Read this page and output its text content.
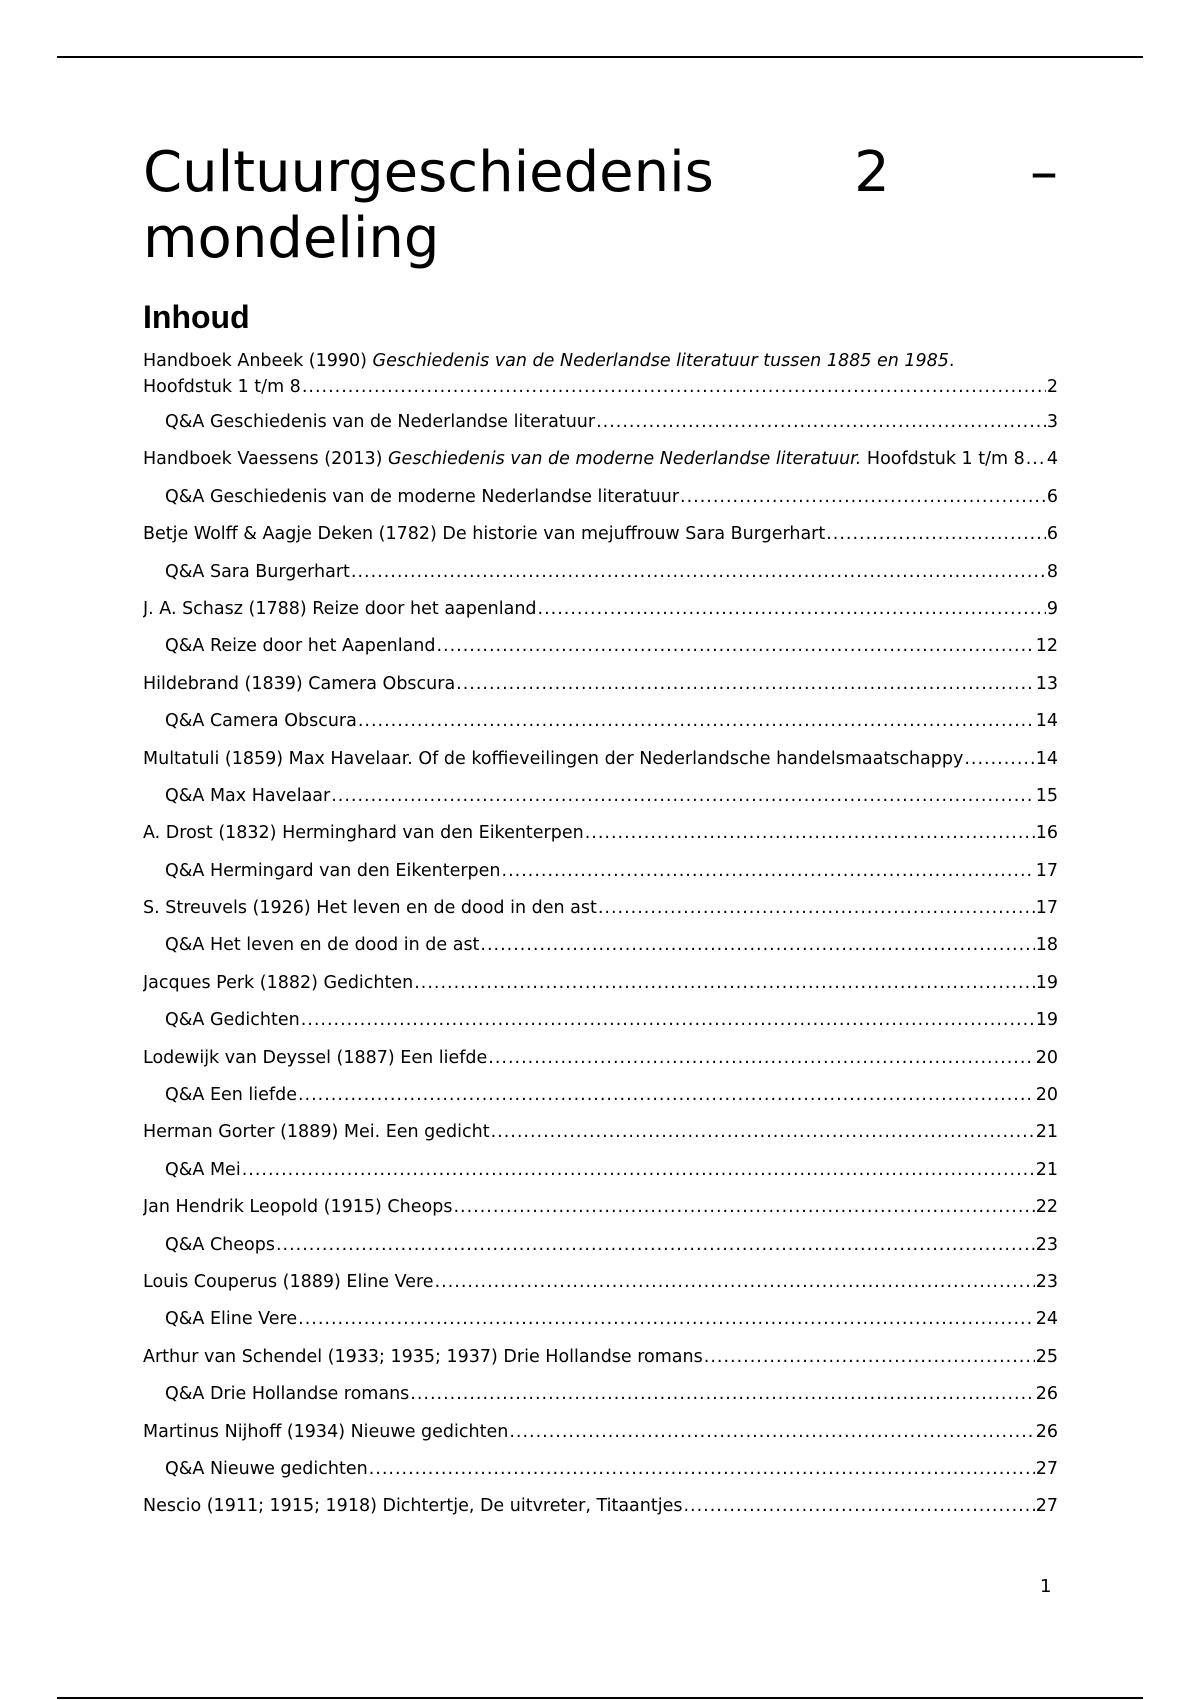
Cultuurgeschiedenis	2	–
mondeling
Inhoud
Handboek Anbeek (1990) Geschiedenis van de Nederlandse literatuur tussen 1885 en 1985.
Hoofdstuk 1 t/m 8 .....	2
Q&A Geschiedenis van de Nederlandse literatuur .....	3
Handboek Vaessens (2013) Geschiedenis van de moderne Nederlandse literatuur. Hoofdstuk 1 t/m 8 ..... 4
Q&A Geschiedenis van de moderne Nederlandse literatuur .....	6
Betje Wolff & Aagje Deken (1782) De historie van mejuffrouw Sara Burgerhart .....	6
Q&A Sara Burgerhart .....	8
J. A. Schasz (1788) Reize door het aapenland .....	9
Q&A Reize door het Aapenland .....	12
Hildebrand (1839) Camera Obscura .....	13
Q&A Camera Obscura .....	14
Multatuli (1859) Max Havelaar. Of de koffieveilingen der Nederlandsche handelsmaatschappy .....	14
Q&A Max Havelaar .....	15
A. Drost (1832) Herminghard van den Eikenterpen .....	16
Q&A Hermingard van den Eikenterpen .....	17
S. Streuvels (1926) Het leven en de dood in den ast .....	17
Q&A Het leven en de dood in de ast .....	18
Jacques Perk (1882) Gedichten .....	19
Q&A Gedichten .....	19
Lodewijk van Deyssel (1887) Een liefde .....	20
Q&A Een liefde .....	20
Herman Gorter (1889) Mei. Een gedicht .....	21
Q&A Mei .....	21
Jan Hendrik Leopold (1915) Cheops .....	22
Q&A Cheops .....	23
Louis Couperus (1889) Eline Vere .....	23
Q&A Eline Vere .....	24
Arthur van Schendel (1933; 1935; 1937) Drie Hollandse romans .....	25
Q&A Drie Hollandse romans .....	26
Martinus Nijhoff (1934) Nieuwe gedichten .....	26
Q&A Nieuwe gedichten .....	27
Nescio (1911; 1915; 1918) Dichtertje, De uitvreter, Titaantjes .....	27
1
